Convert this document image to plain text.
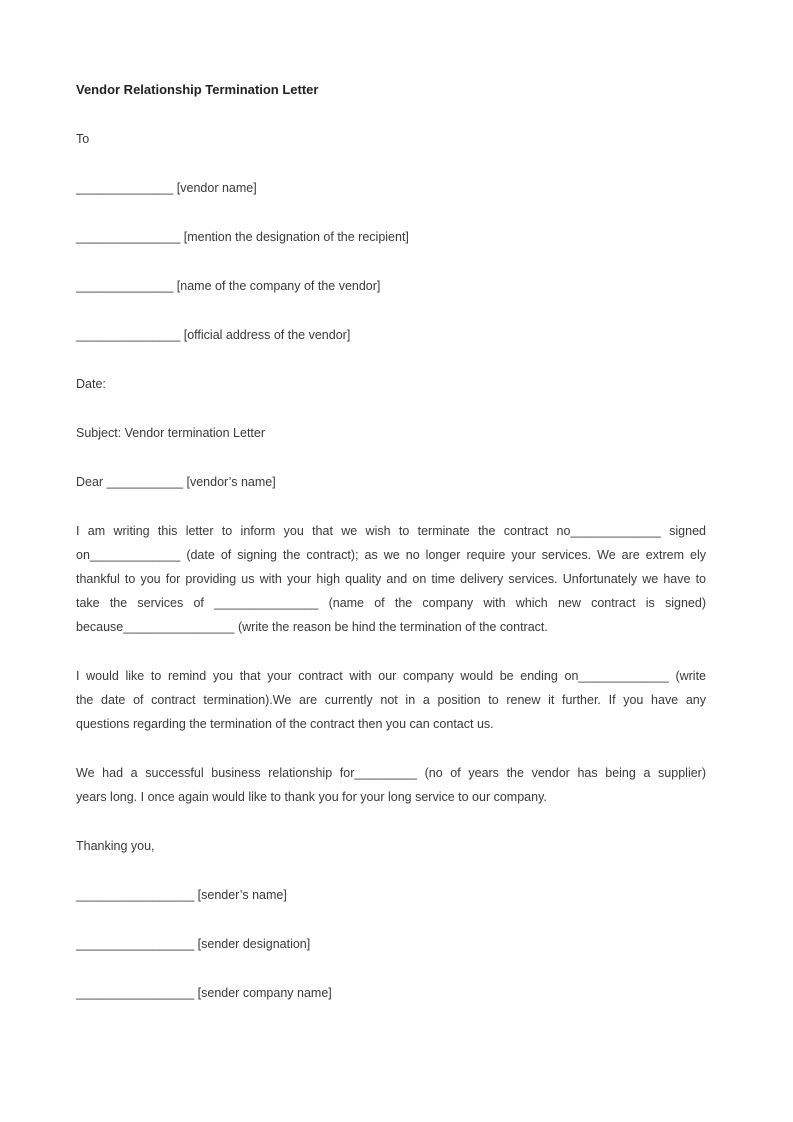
Vendor Relationship Termination Letter
To
______________ [vendor name]
_______________ [mention the designation of the recipient]
______________ [name of the company of the vendor]
_______________ [official address of the vendor]
Date:
Subject: Vendor termination Letter
Dear ___________ [vendor’s name]
I am writing this letter to inform you that we wish to terminate the contract no_____________ signed
on_____________ (date of signing the contract); as we no longer require your services. We are extrem ely
thankful to you for providing us with your high quality and on time delivery services. Unfortunately we have to
take the services of _______________ (name of the company with which new contract is signed)
because________________ (write the reason be hind the termination of the contract.
I would like to remind you that your contract with our company would be ending on_____________ (write
the date of contract termination).We are currently not in a position to renew it further. If you have any
questions regarding the termination of the contract then you can contact us.
We had a successful business relationship for_________ (no of years the vendor has being a supplier)
years long. I once again would like to thank you for your long service to our company.
Thanking you,
_________________ [sender’s name]
_________________ [sender designation]
_________________ [sender company name]
